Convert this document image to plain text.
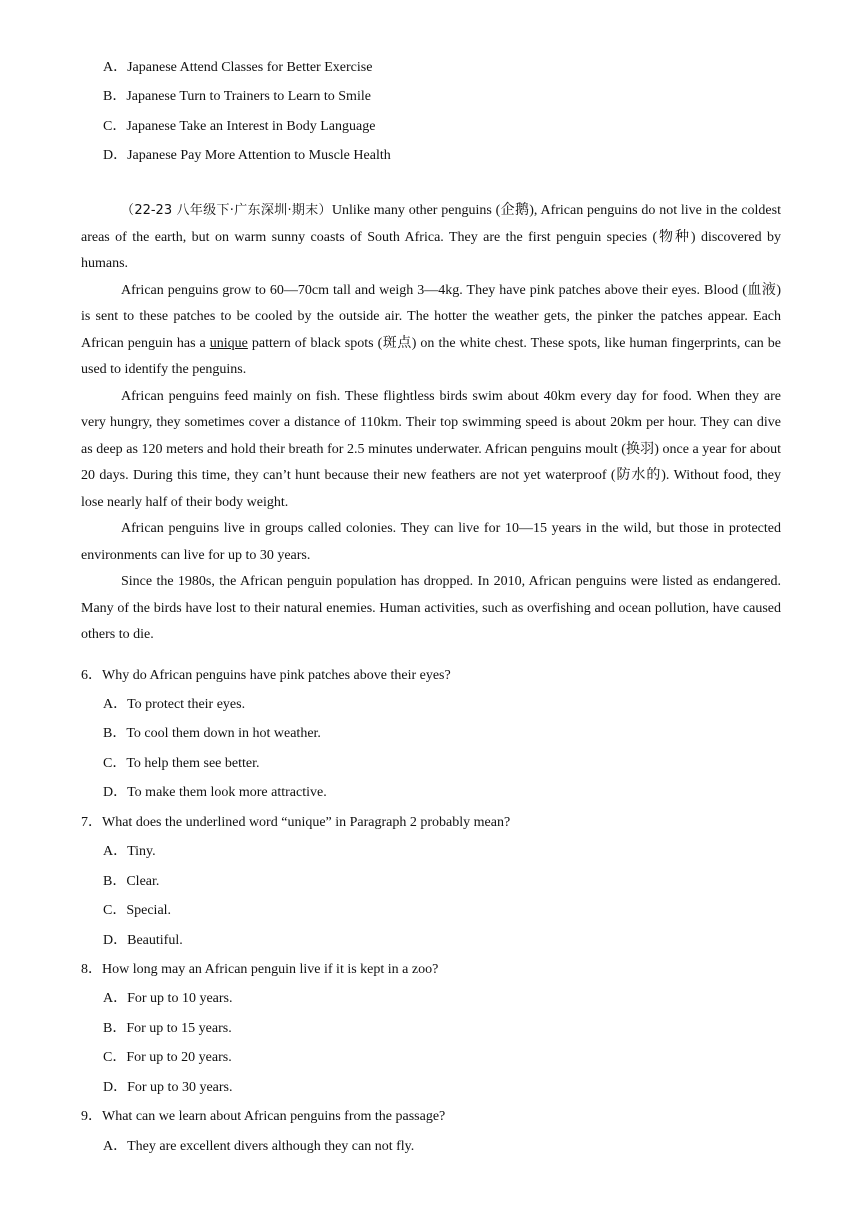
A．Japanese Attend Classes for Better Exercise
B．Japanese Turn to Trainers to Learn to Smile
C．Japanese Take an Interest in Body Language
D．Japanese Pay More Attention to Muscle Health

（22-23 八年级下·广东深圳·期末）Unlike many other penguins (企鹅), African penguins do not live in the coldest areas of the earth, but on warm sunny coasts of South Africa. They are the first penguin species (物种) discovered by humans.

African penguins grow to 60—70cm tall and weigh 3—4kg. They have pink patches above their eyes. Blood (血液) is sent to these patches to be cooled by the outside air. The hotter the weather gets, the pinker the patches appear. Each African penguin has a unique pattern of black spots (斑点) on the white chest. These spots, like human fingerprints, can be used to identify the penguins.

African penguins feed mainly on fish. These flightless birds swim about 40km every day for food. When they are very hungry, they sometimes cover a distance of 110km. Their top swimming speed is about 20km per hour. They can dive as deep as 120 meters and hold their breath for 2.5 minutes underwater. African penguins moult (换羽) once a year for about 20 days. During this time, they can’t hunt because their new feathers are not yet waterproof (防水的). Without food, they lose nearly half of their body weight.

African penguins live in groups called colonies. They can live for 10—15 years in the wild, but those in protected environments can live for up to 30 years.

Since the 1980s, the African penguin population has dropped. In 2010, African penguins were listed as endangered. Many of the birds have lost to their natural enemies. Human activities, such as overfishing and ocean pollution, have caused others to die.

6．Why do African penguins have pink patches above their eyes?
A．To protect their eyes.
B．To cool them down in hot weather.
C．To help them see better.
D．To make them look more attractive.
7．What does the underlined word “unique” in Paragraph 2 probably mean?
A．Tiny.
B．Clear.
C．Special.
D．Beautiful.
8．How long may an African penguin live if it is kept in a zoo?
A．For up to 10 years.
B．For up to 15 years.
C．For up to 20 years.
D．For up to 30 years.
9．What can we learn about African penguins from the passage?
A．They are excellent divers although they can not fly.
